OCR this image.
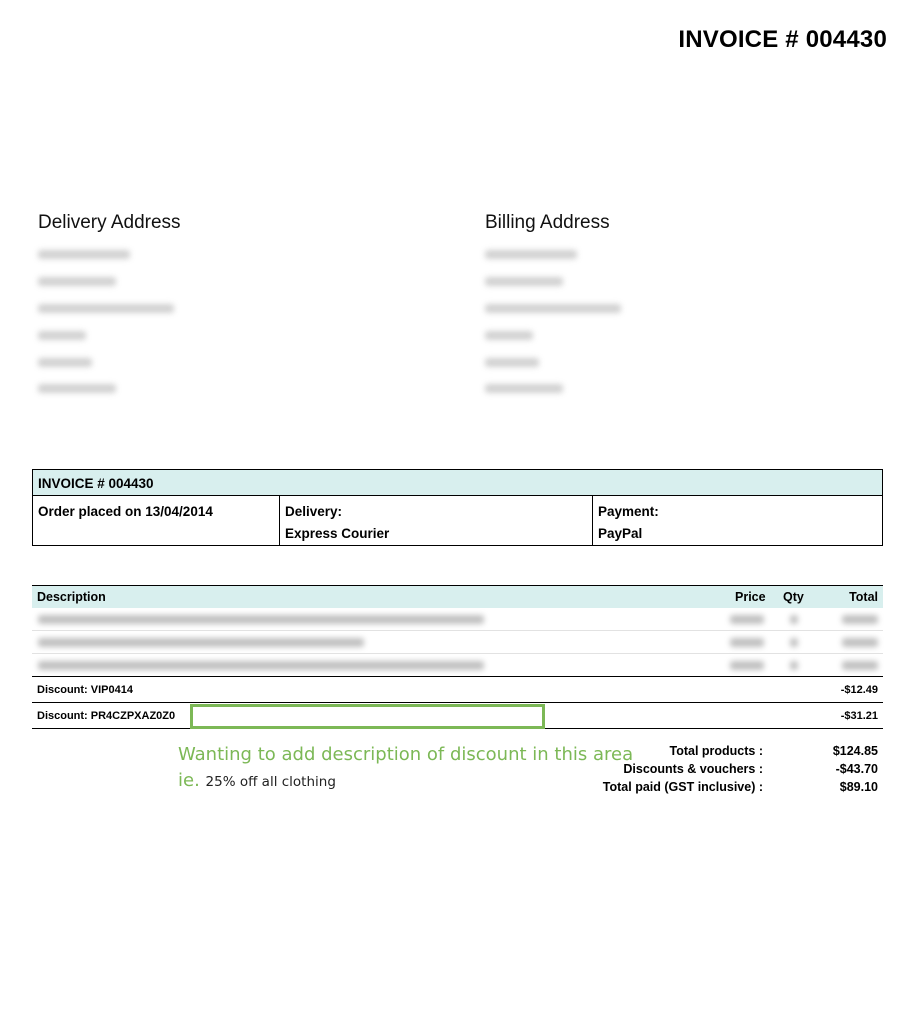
INVOICE # 004430
Delivery Address	Billing Address
INVOICE # 004430
Order placed on 13/04/2014	Delivery:
Express Courier
Payment:
PayPal
Description	Price Qty	Total
Discount: VIP0414	-$12.49
Discount: PR4CZPXAZ0Z0	-$31.21
Wanting to add description of discount in this area
ie. 25% off all clothing
Total products :	$124.85
Discounts & vouchers :	-$43.70
Total paid (GST inclusive) :	$89.10
